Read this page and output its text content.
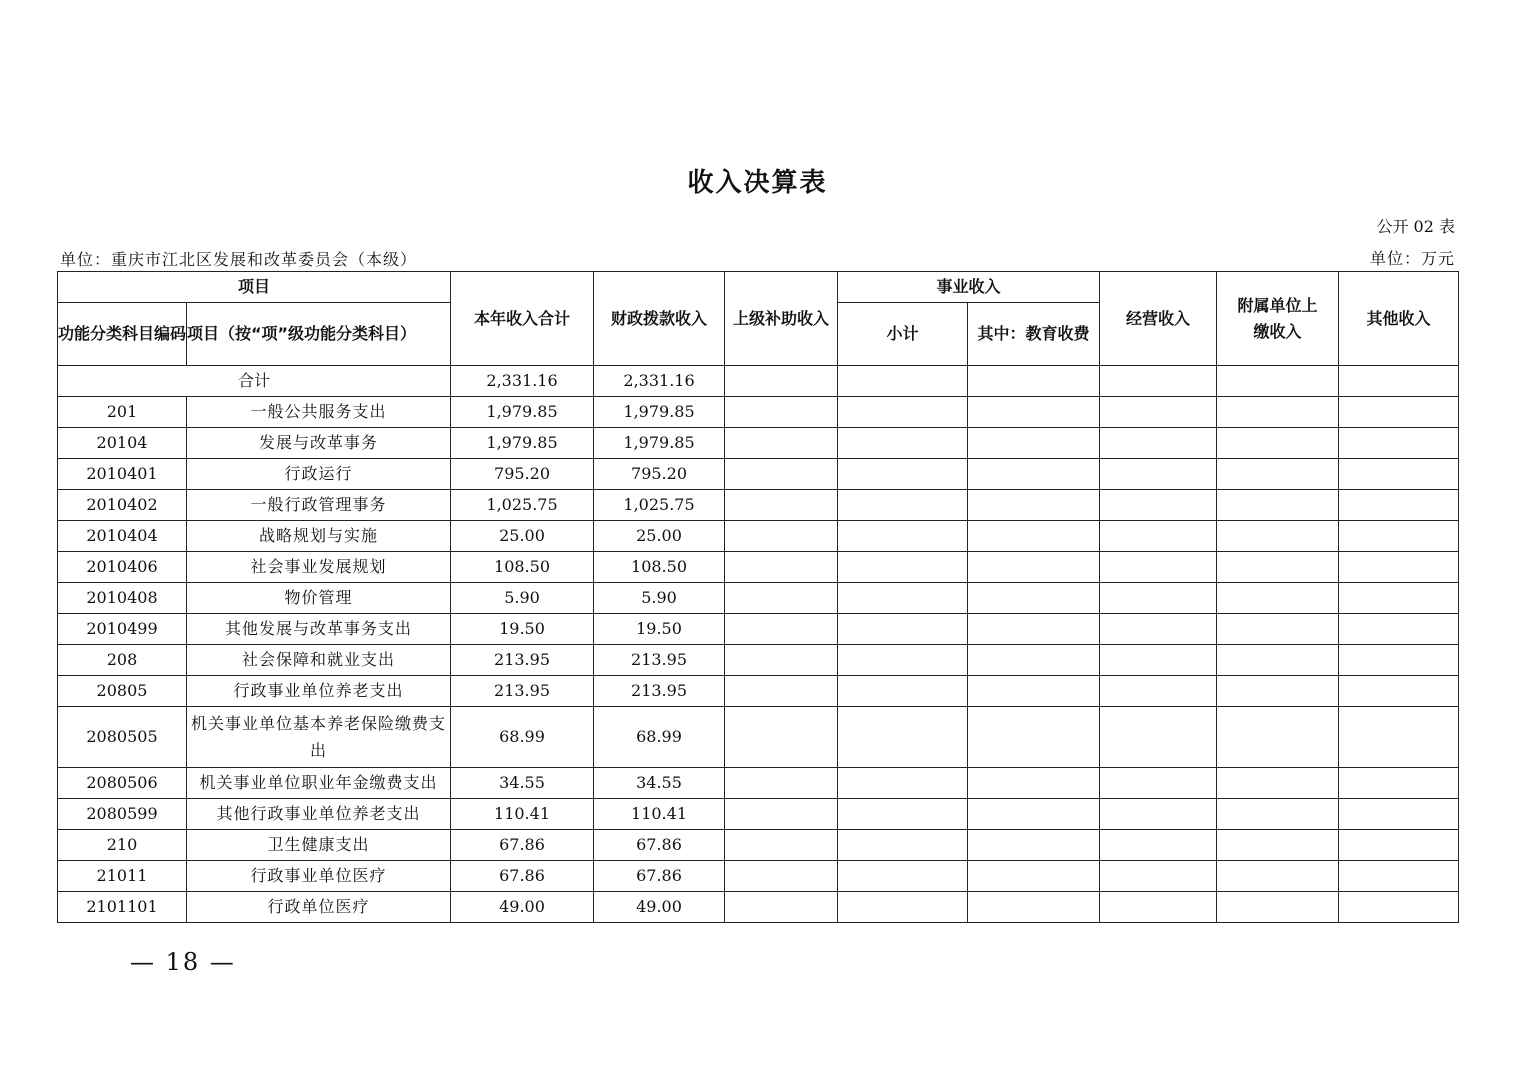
收入决算表
公开 02 表
单位：重庆市江北区发展和改革委员会（本级）	单位：万元
项目		本年收入合计	财政拨款收入	上级补助收入	事业收入		经营收入	附属单位上缴收入	其他收入
功能分类科目编码	项目（按“项”级功能分类科目）				小计	其中：教育收费			
合计		2,331.16	2,331.16						
201	一般公共服务支出	1,979.85	1,979.85						
20104	发展与改革事务	1,979.85	1,979.85						
2010401	行政运行	795.20	795.20						
2010402	一般行政管理事务	1,025.75	1,025.75						
2010404	战略规划与实施	25.00	25.00						
2010406	社会事业发展规划	108.50	108.50						
2010408	物价管理	5.90	5.90						
2010499	其他发展与改革事务支出	19.50	19.50						
208	社会保障和就业支出	213.95	213.95						
20805	行政事业单位养老支出	213.95	213.95						
2080505	机关事业单位基本养老保险缴费支出	68.99	68.99						
2080506	机关事业单位职业年金缴费支出	34.55	34.55						
2080599	其他行政事业单位养老支出	110.41	110.41						
210	卫生健康支出	67.86	67.86						
21011	行政事业单位医疗	67.86	67.86						
2101101	行政单位医疗	49.00	49.00						
— 18 —
